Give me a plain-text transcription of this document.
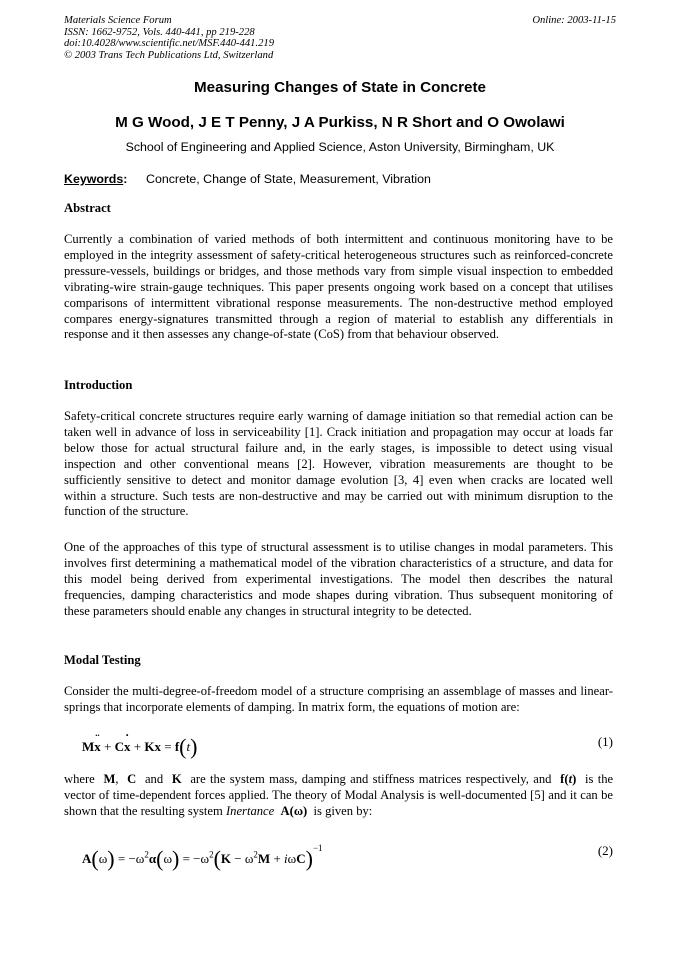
Materials Science Forum
ISSN: 1662-9752, Vols. 440-441, pp 219-228
doi:10.4028/www.scientific.net/MSF.440-441.219
© 2003 Trans Tech Publications Ltd, Switzerland
Online: 2003-11-15
Measuring Changes of State in Concrete
M G Wood, J E T Penny, J A Purkiss, N R Short and O Owolawi
School of Engineering and Applied Science, Aston University, Birmingham, UK
Keywords: Concrete, Change of State, Measurement, Vibration
Abstract
Currently a combination of varied methods of both intermittent and continuous monitoring have to be employed in the integrity assessment of safety-critical heterogeneous structures such as reinforced-concrete pressure-vessels, buildings or bridges, and those methods vary from simple visual inspection to embedded vibrating-wire strain-gauge techniques. This paper presents ongoing work based on a concept that utilises comparisons of intermittent vibrational response measurements. The non-destructive method employed compares energy-signatures transmitted through a region of material to establish any differentials in response and it then assesses any change-of-state (CoS) from that behaviour observed.
Introduction
Safety-critical concrete structures require early warning of damage initiation so that remedial action can be taken well in advance of loss in serviceability [1]. Crack initiation and propagation may occur at loads far below those for actual structural failure and, in the early stages, is impossible to detect using visual inspection and other conventional means [2]. However, vibration measurements are thought to be sufficiently sensitive to detect and monitor damage evolution [3, 4] even when cracks are located well within a structure. Such tests are non-destructive and may be carried out with minimum disruption to the function of the structure.
One of the approaches of this type of structural assessment is to utilise changes in modal parameters. This involves first determining a mathematical model of the vibration characteristics of a structure, and data for this model being derived from experimental investigations. The model then describes the natural frequencies, damping characteristics and mode shapes during vibration. Thus subsequent monitoring of these parameters should enable any changes in structural integrity to be detected.
Modal Testing
Consider the multi-degree-of-freedom model of a structure comprising an assemblage of masses and linear-springs that incorporate elements of damping. In matrix form, the equations of motion are:
M¨ x + C˙ x + Kx = f(t)	(1)
where M,  C and K are the system mass, damping and stiffness matrices respectively, and f(t) is the vector of time-dependent forces applied. The theory of Modal Analysis is well-documented [5] and it can be shown that the resulting system Inertance A(ω) is given by:
$A(\omega) = -\omega^2\alpha(\omega) = -\omega^2(K - \omega^2M + i\omega C)^{-1}$	(2)
